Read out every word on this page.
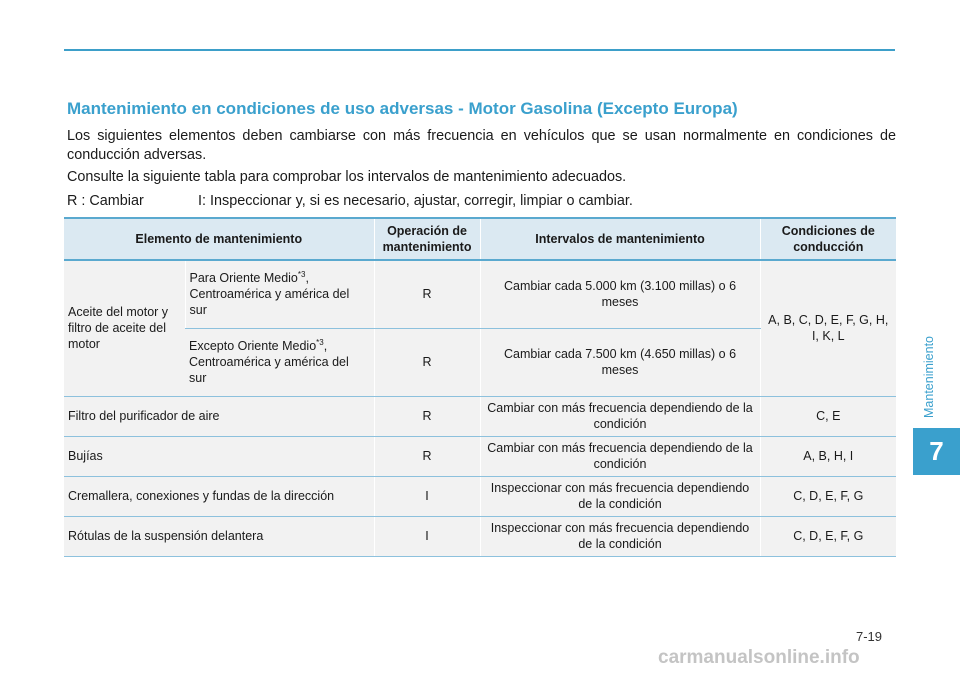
Mantenimiento en condiciones de uso adversas - Motor Gasolina (Excepto Europa)

Los siguientes elementos deben cambiarse con más frecuencia en vehículos que se usan normalmente en condiciones de conducción adversas.

Consulte la siguiente tabla para comprobar los intervalos de mantenimiento adecuados.

R : Cambiar	I: Inspeccionar y, si es necesario, ajustar, corregir, limpiar o cambiar.
Elemento de mantenimiento		Operación de mantenimiento	Intervalos de mantenimiento	Condiciones de conducción
Aceite del motor y filtro de aceite del motor	Para Oriente Medio$^{*3}$, Centroamérica y américa del sur	R	Cambiar cada 5.000 km (3.100 millas) o 6 meses	A, B, C, D, E, F, G, H, I, K, L
	Excepto Oriente Medio$^{*3}$, Centroamérica y américa del sur	R	Cambiar cada 7.500 km (4.650 millas) o 6 meses	
Filtro del purificador de aire		R	Cambiar con más frecuencia dependiendo de la condición	C, E
Bujías		R	Cambiar con más frecuencia dependiendo de la condición	A, B, H, I
Cremallera, conexiones y fundas de la dirección		I	Inspeccionar con más frecuencia dependiendo de la condición	C, D, E, F, G
Rótulas de la suspensión delantera		I	Inspeccionar con más frecuencia dependiendo de la condición	C, D, E, F, G
Mantenimiento
7
7-19
carmanualsonline.info
